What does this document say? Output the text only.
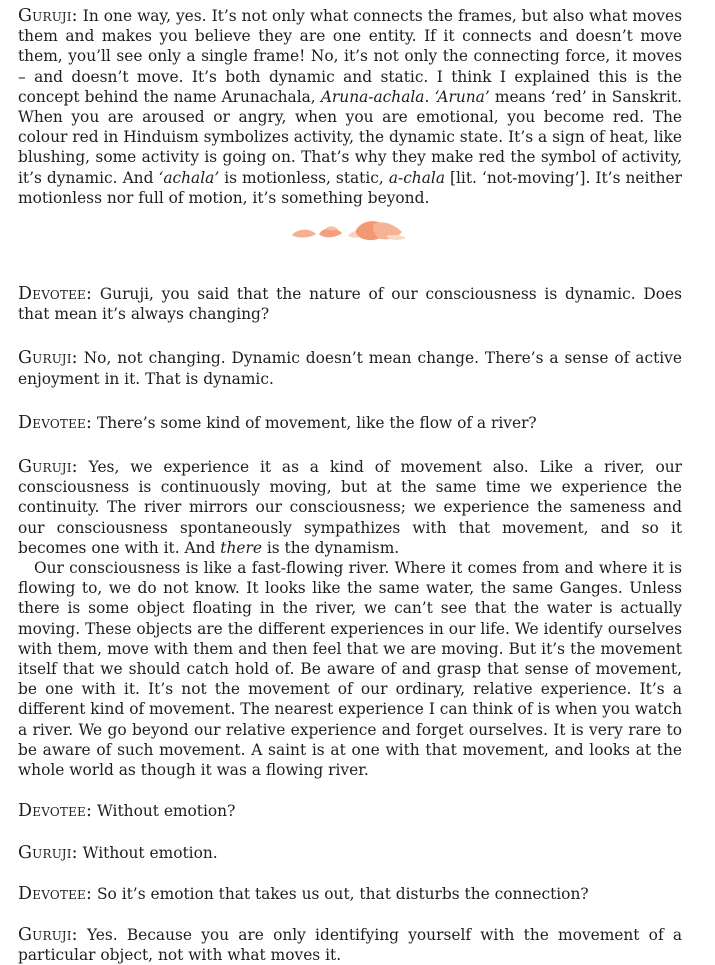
Guruji: In one way, yes. It’s not only what connects the frames, but also what moves them and makes you believe they are one entity. If it connects and doesn’t move them, you’ll see only a single frame! No, it’s not only the connecting force, it moves – and doesn’t move. It’s both dynamic and static. I think I explained this is the concept behind the name Arunachala, Aruna-achala. ‘Aruna’ means ‘red’ in Sanskrit. When you are aroused or angry, when you are emotional, you become red. The colour red in Hinduism symbolizes activity, the dynamic state. It’s a sign of heat, like blushing, some activity is going on. That’s why they make red the symbol of activity, it’s dynamic. And ‘achala’ is motionless, static, a-chala [lit. ‘not-moving’]. It’s neither motionless nor full of motion, it’s something beyond.

Devotee: Guruji, you said that the nature of our consciousness is dynamic. Does that mean it’s always changing?

Guruji: No, not changing. Dynamic doesn’t mean change. There’s a sense of active enjoyment in it. That is dynamic.

Devotee: There’s some kind of movement, like the flow of a river?

Guruji: Yes, we experience it as a kind of movement also. Like a river, our consciousness is continuously moving, but at the same time we experience the continuity. The river mirrors our consciousness; we experience the sameness and our consciousness spontaneously sympathizes with that movement, and so it becomes one with it. And there is the dynamism.

Our consciousness is like a fast-flowing river. Where it comes from and where it is flowing to, we do not know. It looks like the same water, the same Ganges. Unless there is some object floating in the river, we can’t see that the water is actually moving. These objects are the different experiences in our life. We identify ourselves with them, move with them and then feel that we are moving. But it’s the movement itself that we should catch hold of. Be aware of and grasp that sense of movement, be one with it. It’s not the movement of our ordinary, relative experience. It’s a different kind of movement. The nearest experience I can think of is when you watch a river. We go beyond our relative experience and forget ourselves. It is very rare to be aware of such movement. A saint is at one with that movement, and looks at the whole world as though it was a flowing river.

Devotee: Without emotion?

Guruji: Without emotion.

Devotee: So it’s emotion that takes us out, that disturbs the connection?

Guruji: Yes. Because you are only identifying yourself with the movement of a particular object, not with what moves it.
